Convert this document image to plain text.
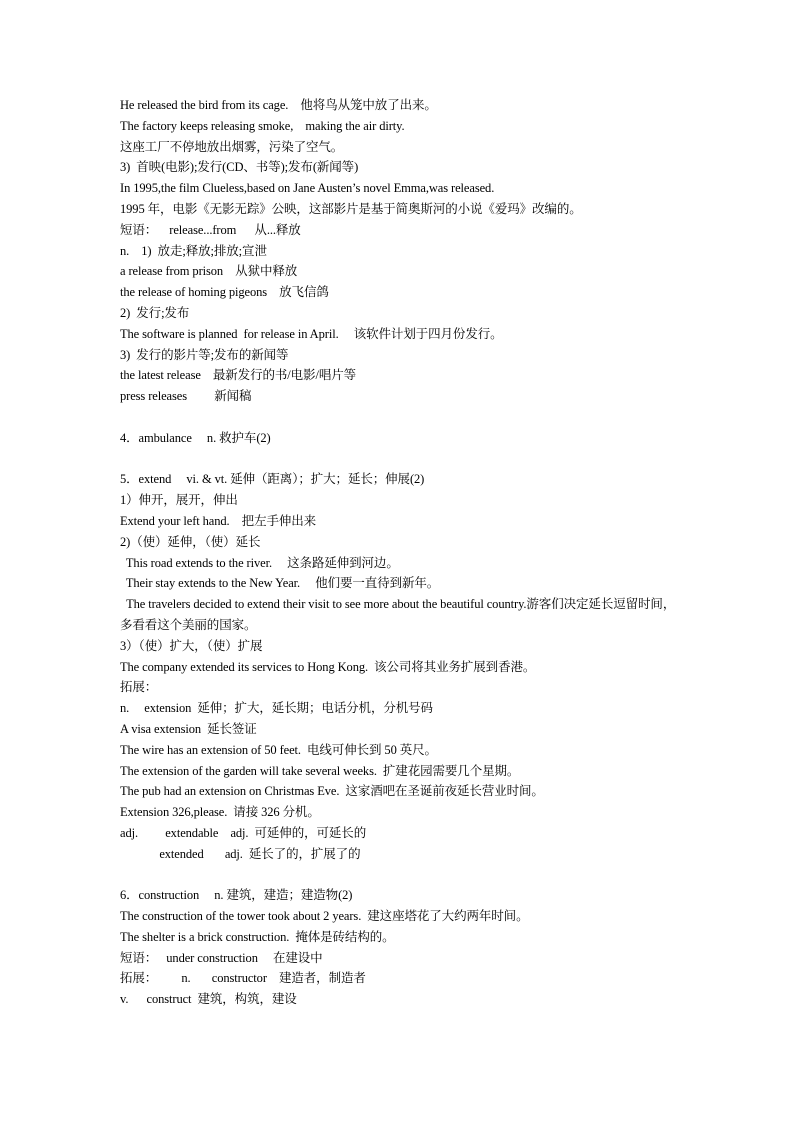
He released the bird from its cage.    他将鸟从笼中放了出来。
The factory keeps releasing smoke,    making the air dirty.
这座工厂不停地放出烟雾，污染了空气。
3)  首映(电影);发行(CD、书等);发布(新闻等)
In 1995,the film Clueless,based on Jane Austen’s novel Emma,was released.
1995 年，电影《无影无踪》公映，这部影片是基于简奥斯河的小说《爱玛》改编的。
短语：    release...from      从...释放
n.    1)  放走;释放;排放;宣泄
a release from prison    从狱中释放
the release of homing pigeons    放飞信鸽
2)  发行;发布
The software is planned  for release in April.     该软件计划于四月份发行。
3)  发行的影片等;发布的新闻等
the latest release    最新发行的书/电影/唱片等
press releases         新闻稿
4．ambulance     n. 救护车(2)
5．extend     vi. & vt. 延伸（距离）；扩大；延长；伸展(2)
1）伸开，展开，伸出
Extend your left hand.    把左手伸出来
2)（使）延伸，（使）延长
This road extends to the river.     这条路延伸到河边。
Their stay extends to the New Year.     他们要一直待到新年。
The travelers decided to extend their visit to see more about the beautiful country.游客们决定延长逗留时间，多看看这个美丽的国家。
3）（使）扩大，（使）扩展
The company extended its services to Hong Kong.  该公司将其业务扩展到香港。
拓展：
n.     extension  延伸；扩大，延长期；电话分机，分机号码
A visa extension  延长签证
The wire has an extension of 50 feet.  电线可伸长到 50 英尺。
The extension of the garden will take several weeks.  扩建花园需要几个星期。
The pub had an extension on Christmas Eve.  这家酒吧在圣诞前夜延长营业时间。
Extension 326,please.  请接 326 分机。
adj.         extendable    adj.  可延伸的，可延长的
extended       adj.  延长了的，扩展了的
6．construction     n. 建筑，建造；建造物(2)
The construction of the tower took about 2 years.  建这座塔花了大约两年时间。
The shelter is a brick construction.  掩体是砖结构的。
短语：   under construction     在建设中
拓展：        n.       constructor    建造者，制造者
v.      construct  建筑，构筑，建设
